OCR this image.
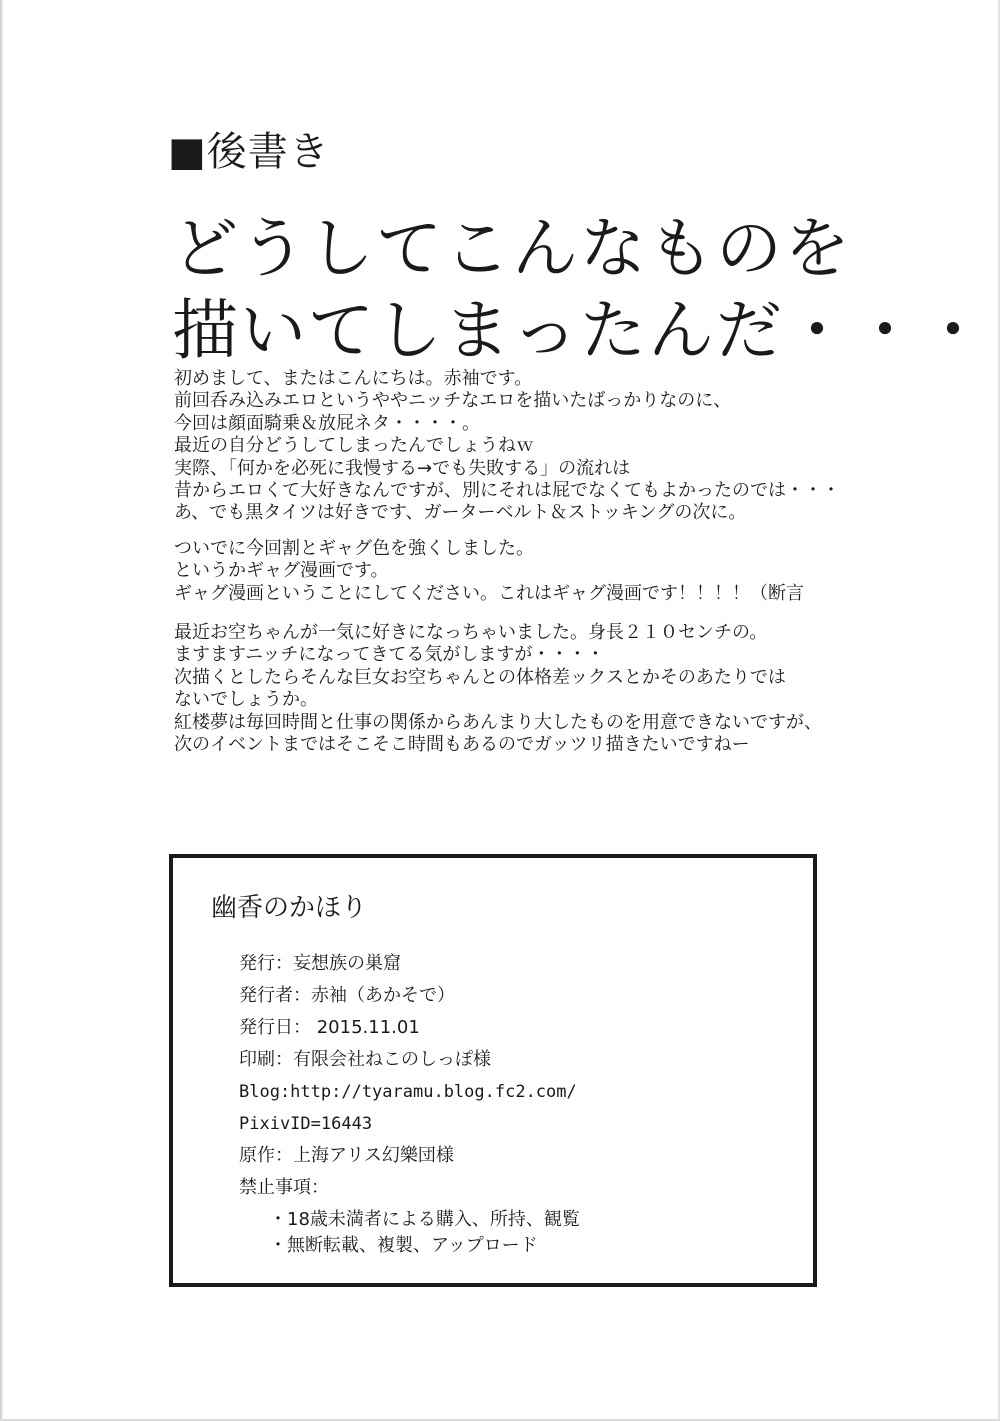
■後書き
どうしてこんなものを
描いてしまったんだ・・・
初めまして、またはこんにちは。赤袖です。
前回呑み込みエロというややニッチなエロを描いたばっかりなのに、
今回は顔面騎乗＆放屁ネタ・・・・。
最近の自分どうしてしまったんでしょうねｗ
実際、「何かを必死に我慢する→でも失敗する」の流れは
昔からエロくて大好きなんですが、別にそれは屁でなくてもよかったのでは・・・
あ、でも黒タイツは好きです、ガーターベルト＆ストッキングの次に。
ついでに今回割とギャグ色を強くしました。
というかギャグ漫画です。
ギャグ漫画ということにしてください。これはギャグ漫画です！！！！（断言
最近お空ちゃんが一気に好きになっちゃいました。身長２１０センチの。
ますますニッチになってきてる気がしますが・・・・
次描くとしたらそんな巨女お空ちゃんとの体格差ックスとかそのあたりでは
ないでしょうか。
紅楼夢は毎回時間と仕事の関係からあんまり大したものを用意できないですが、
次のイベントまではそこそこ時間もあるのでガッツリ描きたいですねー
幽香のかほり
発行：妄想族の巣窟
発行者：赤袖（あかそで）
発行日： 2015.11.01
印刷：有限会社ねこのしっぽ様
Blog:http://tyaramu.blog.fc2.com/
PixivID=16443
原作：上海アリス幻樂団様
禁止事項：
・18歳未満者による購入、所持、観覧
・無断転載、複製、アップロード
